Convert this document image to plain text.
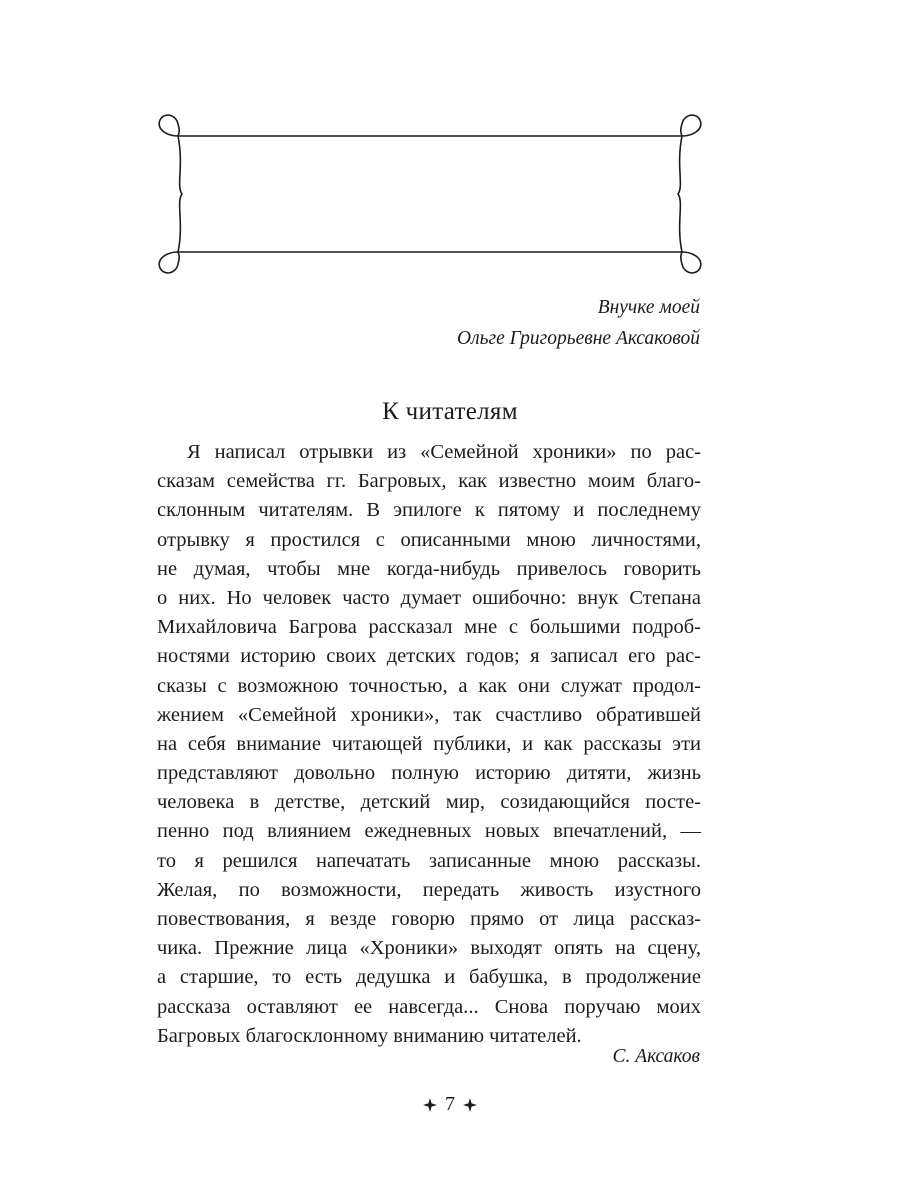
Внучке моей
Ольге Григорьевне Аксаковой
К читателям
Я написал отрывки из «Семейной хроники» по рас-
сказам семейства гг. Багровых, как известно моим благо-
склонным читателям. В эпилоге к пятому и последнему
отрывку я простился с описанными мною личностями,
не думая, чтобы мне когда-нибудь привелось говорить
о них. Но человек часто думает ошибочно: внук Степана
Михайловича Багрова рассказал мне с большими подроб-
ностями историю своих детских годов; я записал его рас-
сказы с возможною точностью, а как они служат продол-
жением «Семейной хроники», так счастливо обратившей
на себя внимание читающей публики, и как рассказы эти
представляют довольно полную историю дитяти, жизнь
человека в детстве, детский мир, созидающийся посте-
пенно под влиянием ежедневных новых впечатлений, —
то я решился напечатать записанные мною рассказы.
Желая, по возможности, передать живость изустного
повествования, я везде говорю прямо от лица рассказ-
чика. Прежние лица «Хроники» выходят опять на сцену,
а старшие, то есть дедушка и бабушка, в продолжение
рассказа оставляют ее навсегда... Снова поручаю моих
Багровых благосклонному вниманию читателей.
С. Аксаков
7
